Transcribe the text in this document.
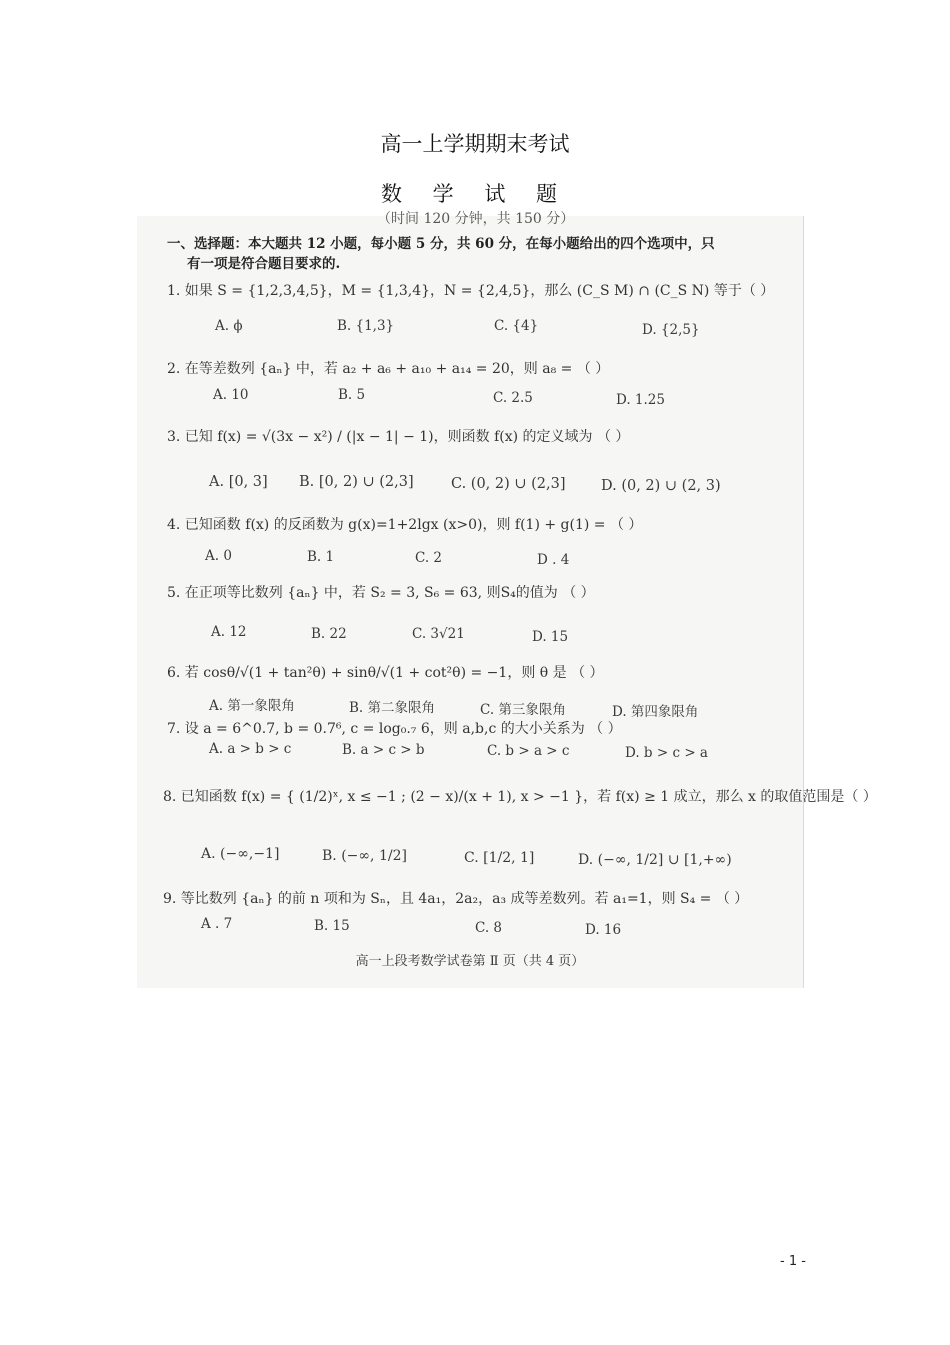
高一上学期期末考试
数 学 试 题
（时间 120 分钟，共 150 分）
一、选择题：本大题共 12 小题，每小题 5 分，共 60 分，在每小题给出的四个选项中，只
有一项是符合题目要求的.
1. 如果 S = {1,2,3,4,5}，M = {1,3,4}，N = {2,4,5}，那么 (C_S M) ∩ (C_S N) 等于（ ）
A. ϕ	B. {1,3}	C. {4}	D. {2,5}
2. 在等差数列 {aₙ} 中，若 a₂ + a₆ + a₁₀ + a₁₄ = 20，则 a₈ = （ ）
A. 10	B. 5	C. 2.5	D. 1.25
3. 已知 f(x) = √(3x − x²) / (|x − 1| − 1)，则函数 f(x) 的定义域为 （ ）
A. [0, 3] B. [0, 2) ∪ (2,3]	C. (0, 2) ∪ (2,3] D. (0, 2) ∪ (2, 3)
4. 已知函数 f(x) 的反函数为 g(x)=1+2lgx (x>0)，则 f(1) + g(1) = （ ）
A. 0	B. 1	C. 2	D . 4
5. 在正项等比数列 {aₙ} 中，若 S₂ = 3, S₆ = 63, 则S₄的值为 （ ）
A. 12	B. 22	C. 3√21	D. 15
6. 若 cosθ/√(1 + tan²θ) + sinθ/√(1 + cot²θ) = −1，则 θ 是 （ ）
A. 第一象限角	B. 第二象限角	C. 第三象限角	D. 第四象限角
7. 设 a = 6^0.7, b = 0.7⁶, c = log₀.₇ 6，则 a,b,c 的大小关系为 （ ）
A. a > b > c	B. a > c > b	C. b > a > c	D. b > c > a
8. 已知函数 f(x) = { (1/2)ˣ, x ≤ −1 ; (2 − x)/(x + 1), x > −1 }，若 f(x) ≥ 1 成立，那么 x 的取值范围是（ ）
A. (−∞,−1]	B. (−∞, 1/2]	C. [1/2, 1]	D. (−∞, 1/2] ∪ [1,+∞)
9. 等比数列 {aₙ} 的前 n 项和为 Sₙ，且 4a₁，2a₂，a₃ 成等差数列。若 a₁=1，则 S₄ = （ ）
A . 7	B. 15	C. 8	D. 16
高一上段考数学试卷第 Ⅱ 页（共 4 页）
- 1 -
